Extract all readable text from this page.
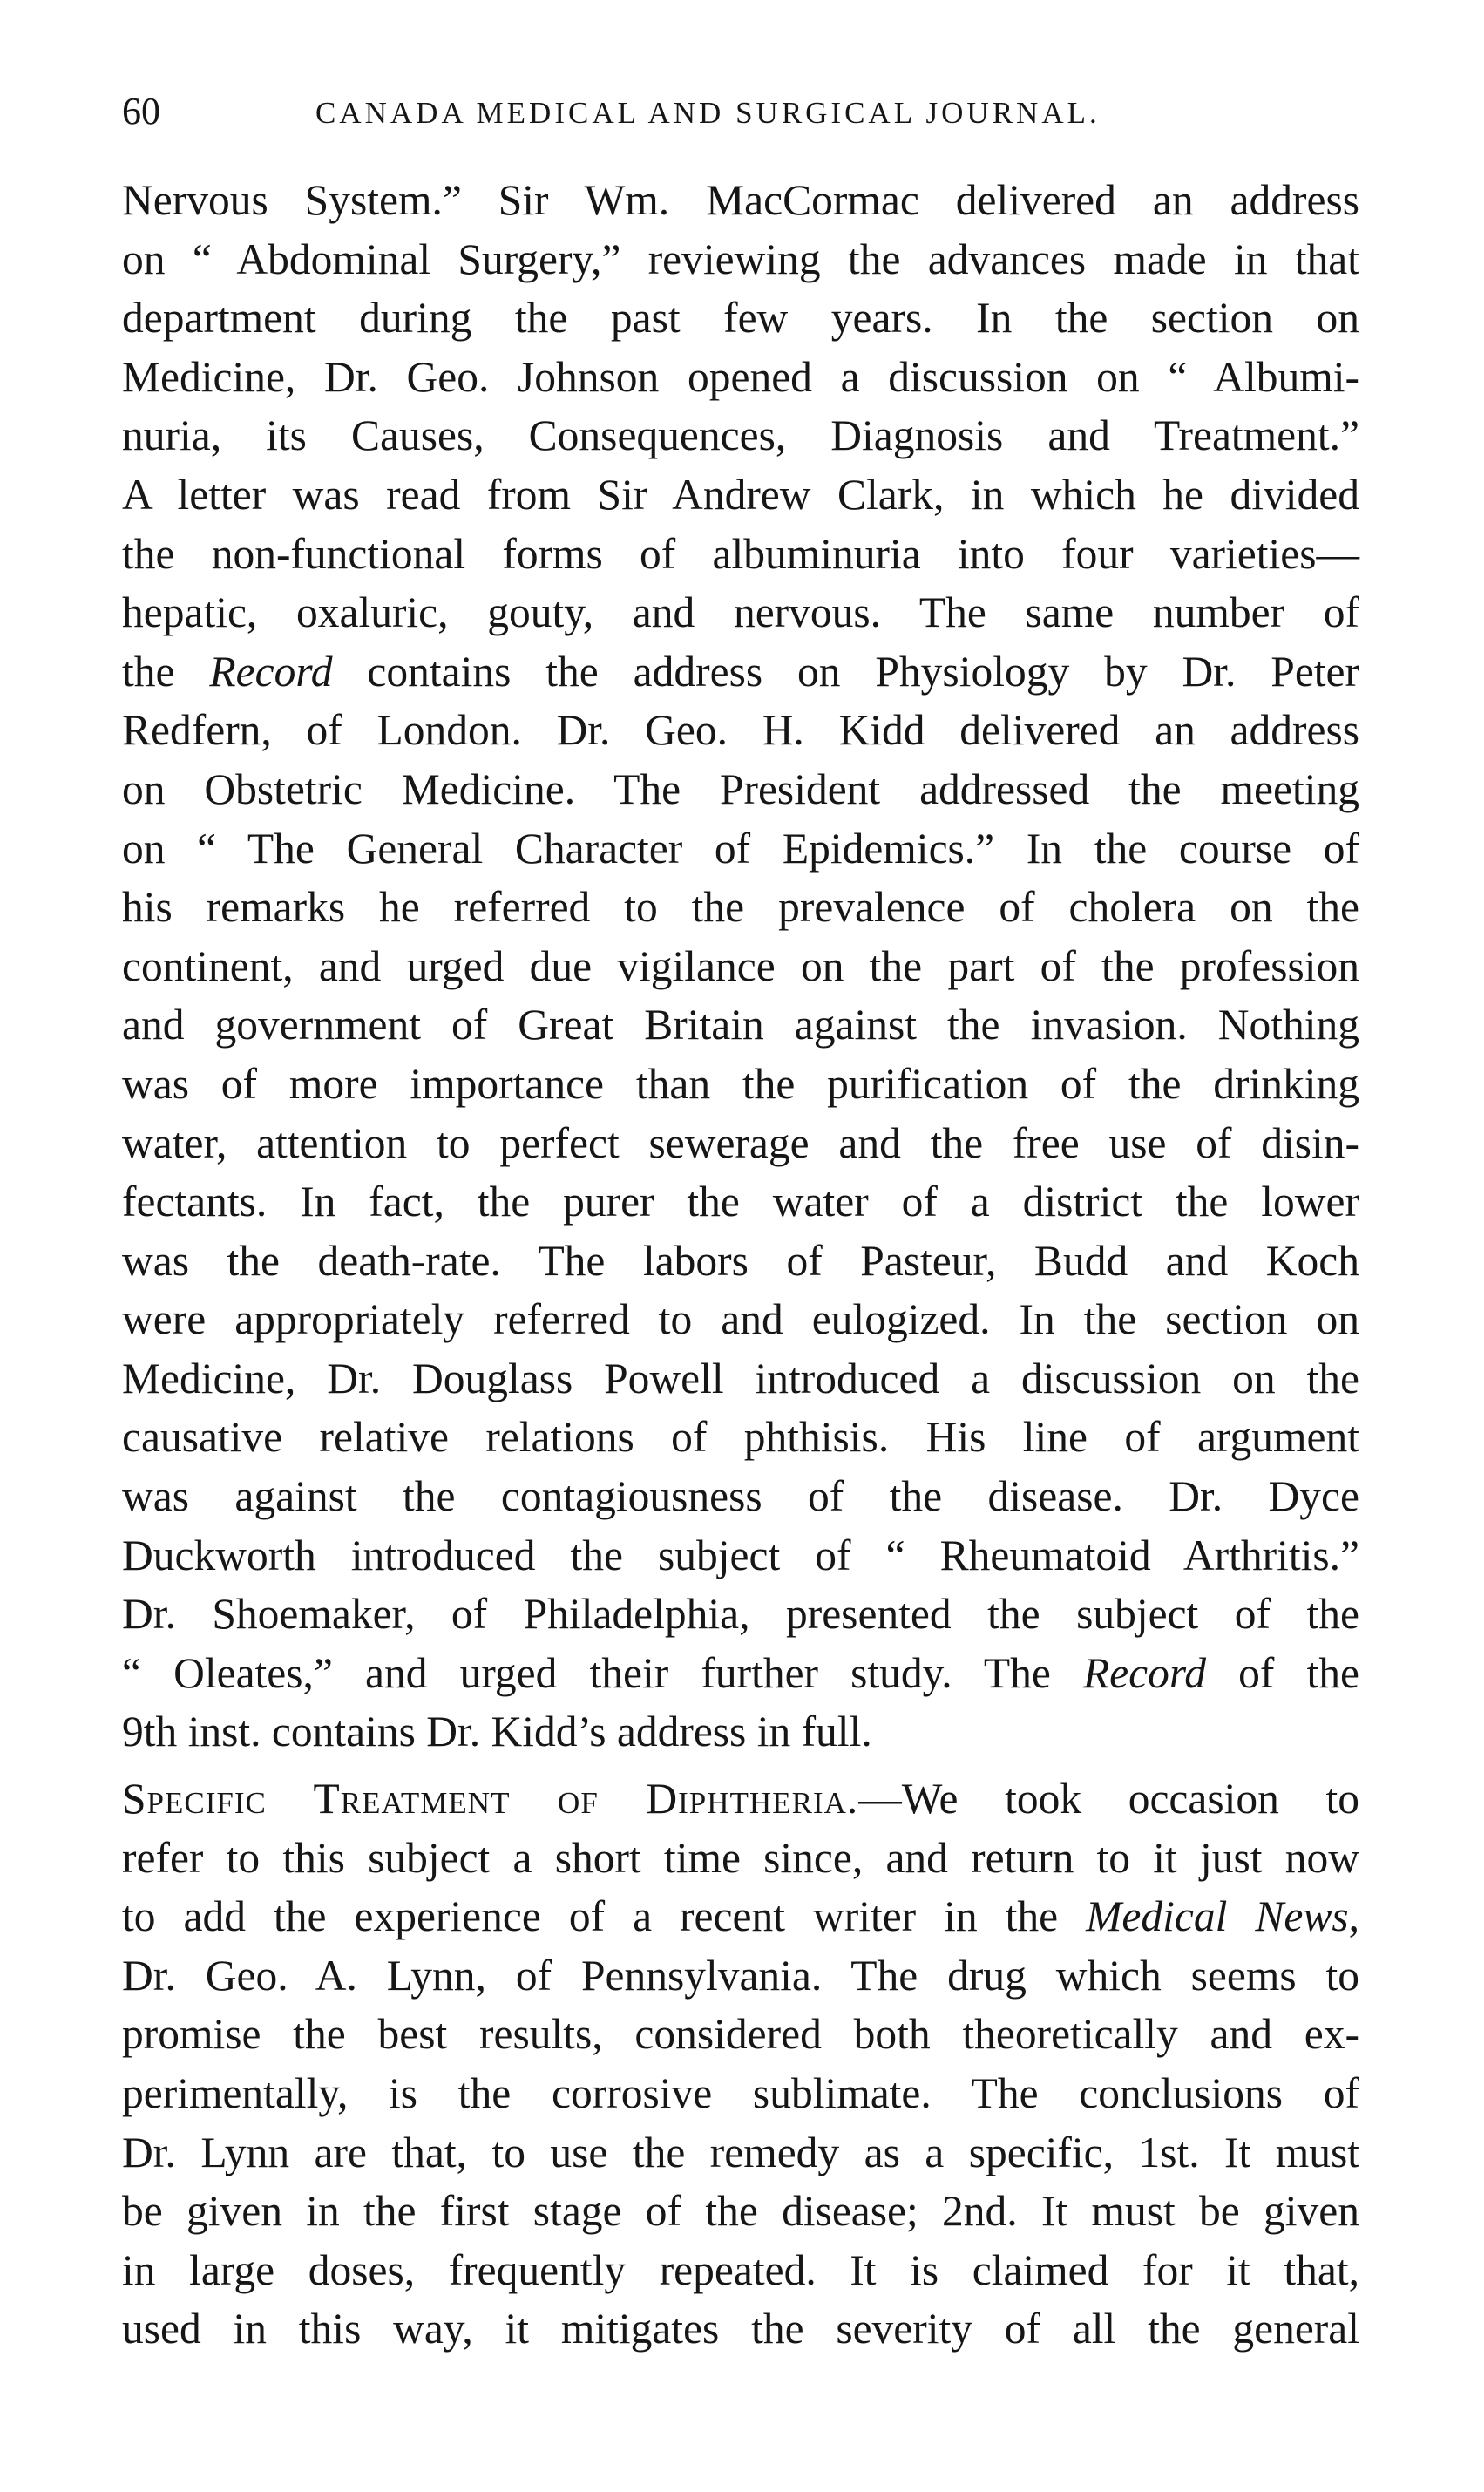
60	CANADA MEDICAL AND SURGICAL JOURNAL.
Nervous System.” Sir Wm. MacCormac delivered an address
on “ Abdominal Surgery,” reviewing the advances made in that
department during the past few years. In the section on
Medicine, Dr. Geo. Johnson opened a discussion on “ Albumi-
nuria, its Causes, Consequences, Diagnosis and Treatment.”
A letter was read from Sir Andrew Clark, in which he divided
the non-functional forms of albuminuria into four varieties—
hepatic, oxaluric, gouty, and nervous. The same number of
the Record contains the address on Physiology by Dr. Peter
Redfern, of London. Dr. Geo. H. Kidd delivered an address
on Obstetric Medicine. The President addressed the meeting
on “ The General Character of Epidemics.” In the course of
his remarks he referred to the prevalence of cholera on the
continent, and urged due vigilance on the part of the profession
and government of Great Britain against the invasion. Nothing
was of more importance than the purification of the drinking
water, attention to perfect sewerage and the free use of disin-
fectants. In fact, the purer the water of a district the lower
was the death-rate. The labors of Pasteur, Budd and Koch
were appropriately referred to and eulogized. In the section on
Medicine, Dr. Douglass Powell introduced a discussion on the
causative relative relations of phthisis. His line of argument
was against the contagiousness of the disease. Dr. Dyce
Duckworth introduced the subject of “ Rheumatoid Arthritis.”
Dr. Shoemaker, of Philadelphia, presented the subject of the
“ Oleates,” and urged their further study. The Record of the
9th inst. contains Dr. Kidd’s address in full.
Specific Treatment of Diphtheria.—We took occasion to
refer to this subject a short time since, and return to it just now
to add the experience of a recent writer in the Medical News,
Dr. Geo. A. Lynn, of Pennsylvania. The drug which seems to
promise the best results, considered both theoretically and ex-
perimentally, is the corrosive sublimate. The conclusions of
Dr. Lynn are that, to use the remedy as a specific, 1st. It must
be given in the first stage of the disease; 2nd. It must be given
in large doses, frequently repeated. It is claimed for it that,
used in this way, it mitigates the severity of all the general
